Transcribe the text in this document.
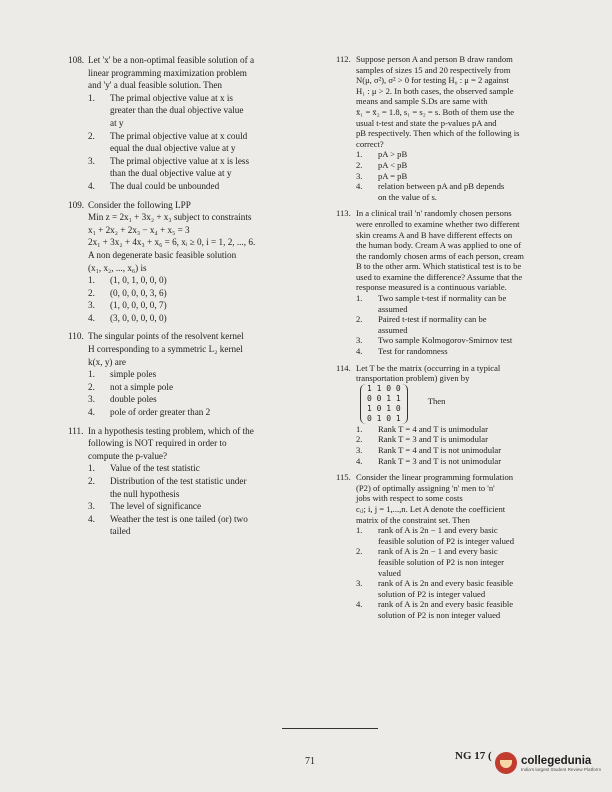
108. Let 'x' be a non-optimal feasible solution of a
linear programming maximization problem
and 'y' a dual feasible solution. Then
1.	The primal objective value at x is
greater than the dual objective value
at y
2.	The primal objective value at x could
equal the dual objective value at y
3.	The primal objective value at x is less
than the dual objective value at y
4.	The dual could be unbounded
109. Consider the following LPP
Min z = 2x₁ + 3x₂ + x₃ subject to constraints
x₁ + 2x₂ + 2x₃ − x₄ + x₅ = 3
2x₁ + 3x₂ + 4x₃ + x₆ = 6, xᵢ ≥ 0, i = 1, 2, ..., 6.
A non degenerate basic feasible solution
(x₁, x₂, ..., x₆) is
1.	(1, 0, 1, 0, 0, 0)
2.	(0, 0, 0, 0, 3, 6)
3.	(1, 0, 0, 0, 0, 7)
4.	(3, 0, 0, 0, 0, 0)
110. The singular points of the resolvent kernel
H corresponding to a symmetric L₂ kernel
k(x, y) are
1.	simple poles
2.	not a simple pole
3.	double poles
4.	pole of order greater than 2
111. In a hypothesis testing problem, which of the
following is NOT required in order to
compute the p-value?
1.	Value of the test statistic
2.	Distribution of the test statistic under
the null hypothesis
3.	The level of significance
4.	Weather the test is one tailed (or) two
tailed
112. Suppose person A and person B draw random
samples of sizes 15 and 20 respectively from
N(μ, σ²), σ² > 0 for testing H₀ : μ = 2 against
H₁ : μ > 2. In both cases, the observed sample
means and sample S.Ds are same with
x̄₁ = x̄₂ = 1.8, s₁ = s₂ = s. Both of them use the
usual t-test and state the p-values pA and
pB respectively. Then which of the following is
correct?
1.	pA > pB
2.	pA < pB
3.	pA = pB
4.	relation between pA and pB depends
on the value of s.
113. In a clinical trail 'n' randomly chosen persons
were enrolled to examine whether two different
skin creams A and B have different effects on
the human body. Cream A was applied to one of
the randomly chosen arms of each person, cream
B to the other arm. Which statistical test is to be
used to examine the difference? Assume that the
response measured is a continuous variable.
1.	Two sample t-test if normality can be
assumed
2.	Paired t-test if normality can be
assumed
3.	Two sample Kolmogorov-Smirnov test
4.	Test for randomness
114. Let T be the matrix (occurring in a typical
transportation problem) given by
1 1 0 0
0 0 1 1
1 0 1 0
0 1 0 1
Then
1.	Rank T = 4 and T is unimodular
2.	Rank T = 3 and T is unimodular
3.	Rank T = 4 and T is not unimodular
4.	Rank T = 3 and T is not unimodular
115. Consider the linear programming formulation
(P2) of optimally assigning 'n' men to 'n'
jobs with respect to some costs
cᵢⱼ; i, j = 1,...,n. Let A denote the coefficient
matrix of the constraint set. Then
1.	rank of A is 2n − 1 and every basic
feasible solution of P2 is integer valued
2.	rank of A is 2n − 1 and every basic
feasible solution of P2 is non integer
valued
3.	rank of A is 2n and every basic feasible
solution of P2 is integer valued
4.	rank of A is 2n and every basic feasible
solution of P2 is non integer valued
71	NG 17 (	collegedunia
India's largest Student Review Platform
